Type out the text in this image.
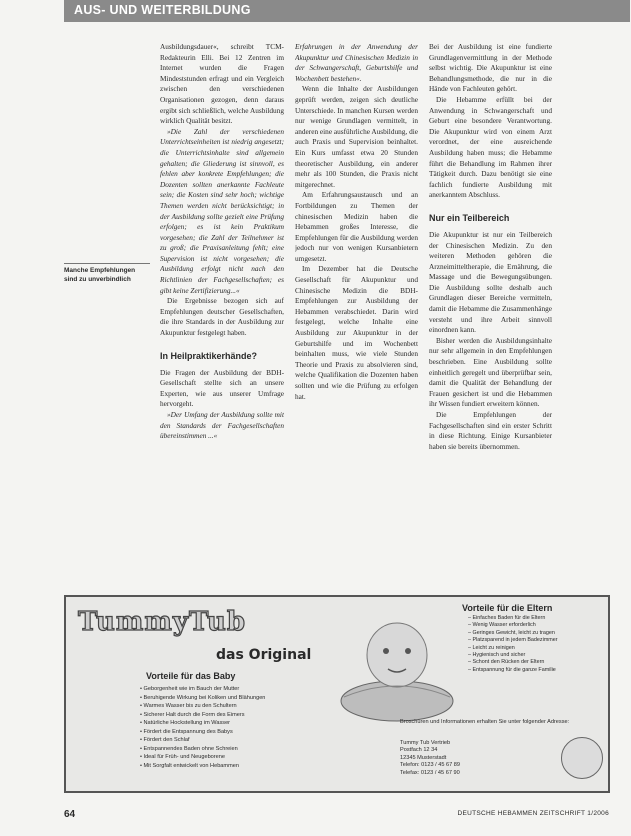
AUS- UND WEITERBILDUNG
Manche Empfehlungen sind zu unverbindlich

Ausbildungsdauer«, schreibt TCM-Redakteurin Elli. Bei 12 Zentren im Internet wurden die Fragen Mindeststunden erfragt und ein Vergleich zwischen den verschiedenen Organisationen gezogen, denn daraus ergibt sich schließlich, welche Ausbildung wirklich Qualität besitzt.

»Die Zahl der verschiedenen Unterrichtseinheiten ist niedrig angesetzt; die Unterrichtsinhalte sind allgemein gehalten; die Gliederung ist sinnvoll, es fehlen aber konkrete Empfehlungen; die Dozenten sollten anerkannte Fachleute sein; die Kosten sind sehr hoch; wichtige Themen werden nicht berücksichtigt; in der Ausbildung sollte gezielt eine Prüfung erfolgen; es ist kein Praktikum vorgesehen; die Zahl der Teilnehmer ist zu groß; die Praxisanleitung fehlt; eine Supervision ist nicht vorgesehen; die Ausbildung erfolgt nicht nach den Richtlinien der Fachgesellschaften; es gibt keine Zertifizierung...«

Die Ergebnisse bezogen sich auf Empfehlungen deutscher Gesellschaften, die ihre Standards in der Ausbildung zur Akupunktur festgelegt haben.

In Heilpraktikerhände?

Die Fragen der Ausbildung der BDH-Gesellschaft stellte sich an unsere Experten, wie aus unserer Umfrage hervorgeht.

»Der Umfang der Ausbildung sollte mit den Standards der Fachgesellschaften übereinstimmen ...«

Erfahrungen in der Anwendung der Akupunktur und Chinesischen Medizin in der Schwangerschaft, Geburtshilfe und Wochenbett bestehen«.

Wenn die Inhalte der Ausbildungen geprüft werden, zeigen sich deutliche Unterschiede. In manchen Kursen werden nur wenige Grundlagen vermittelt, in anderen eine ausführliche Ausbildung, die auch Praxis und Supervision beinhaltet. Ein Kurs umfasst etwa 20 Stunden theoretischer Ausbildung, ein anderer mehr als 100 Stunden, die Praxis nicht mitgerechnet.

Am Erfahrungsaustausch und an Fortbildungen zu Themen der chinesischen Medizin haben die Hebammen großes Interesse, die Empfehlungen für die Ausbildung werden jedoch nur von wenigen Kursanbietern umgesetzt.

Im Dezember hat die Deutsche Gesellschaft für Akupunktur und Chinesische Medizin die BDH-Empfehlungen zur Ausbildung der Hebammen verabschiedet. Darin wird festgelegt, welche Inhalte eine Ausbildung zur Akupunktur in der Geburtshilfe und im Wochenbett beinhalten muss, wie viele Stunden Theorie und Praxis zu absolvieren sind, welche Qualifikation die Dozenten haben sollten und wie die Prüfung zu erfolgen hat.

Bei der Ausbildung ist eine fundierte Grundlagenvermittlung in der Methode selbst wichtig. Die Akupunktur ist eine Behandlungsmethode, die nur in die Hände von Fachleuten gehört.

Die Hebamme erfüllt bei der Anwendung in Schwangerschaft und Geburt eine besondere Verantwortung. Die Akupunktur wird von einem Arzt verordnet, der eine ausreichende Ausbildung haben muss; die Hebamme führt die Behandlung im Rahmen ihrer Tätigkeit durch. Dazu benötigt sie eine fachlich fundierte Ausbildung mit anerkanntem Abschluss.

Nur ein Teilbereich

Die Akupunktur ist nur ein Teilbereich der Chinesischen Medizin. Zu den weiteren Methoden gehören die Arzneimitteltherapie, die Ernährung, die Massage und die Bewegungsübungen. Die Ausbildung sollte deshalb auch Grundlagen dieser Bereiche vermitteln, damit die Hebamme die Zusammenhänge versteht und ihre Arbeit sinnvoll einordnen kann.

Bisher werden die Ausbildungsinhalte nur sehr allgemein in den Empfehlungen beschrieben. Eine Ausbildung sollte einheitlich geregelt und überprüfbar sein, damit die Qualität der Behandlung der Frauen gesichert ist und die Hebammen ihr Wissen fundiert erweitern können.

Die Empfehlungen der Fachgesellschaften sind ein erster Schritt in diese Richtung. Einige Kursanbieter haben sie bereits übernommen.

TummyTub
das Original
Vorteile für das Baby
• Geborgenheit wie im Bauch der Mutter
• Beruhigende Wirkung bei Koliken und Blähungen
• Warmes Wasser bis zu den Schultern
• Sicherer Halt durch die Form des Eimers
• Natürliche Hockstellung im Wasser
• Fördert die Entspannung des Babys
• Fördert den Schlaf
• Entspannendes Baden ohne Schreien
• Ideal für Früh- und Neugeborene
• Mit Sorgfalt entwickelt von Hebammen
Vorteile für die Eltern
– Einfaches Baden für die Eltern
– Wenig Wasser erforderlich
– Geringes Gewicht, leicht zu tragen
– Platzsparend in jedem Badezimmer
– Leicht zu reinigen
– Hygienisch und sicher
– Schont den Rücken der Eltern
– Entspannung für die ganze Familie
Broschüren und Informationen erhalten Sie unter folgender Adresse:
Tummy Tub Vertrieb
Postfach 12 34
12345 Musterstadt
Telefon: 0123 / 45 67 89
Telefax: 0123 / 45 67 90
64	DEUTSCHE HEBAMMEN ZEITSCHRIFT 1/2006
